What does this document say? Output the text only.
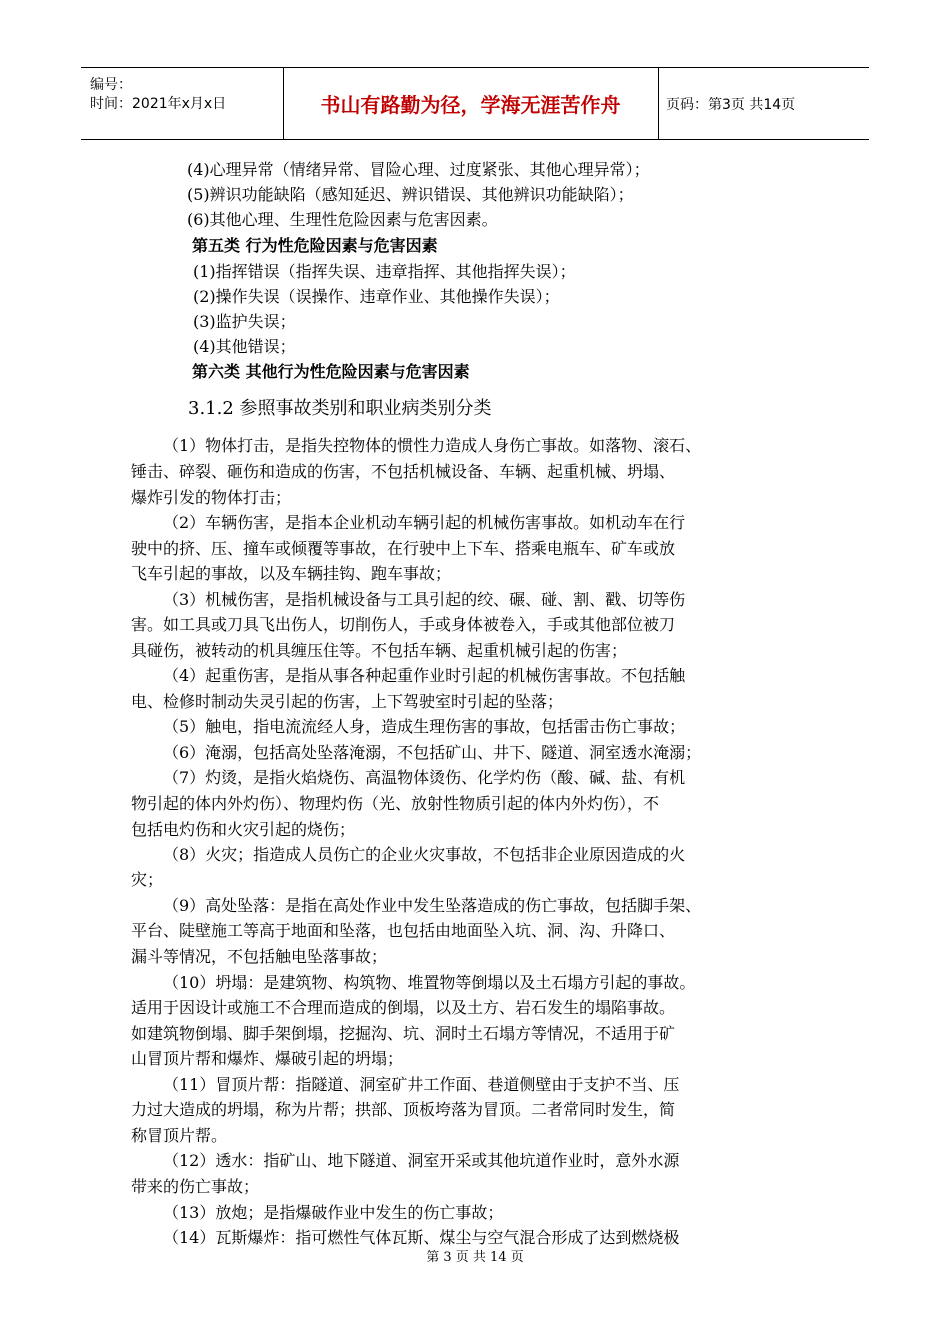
编号：
时间：2021年x月x日	书山有路勤为径，学海无涯苦作舟	页码：第3页 共14页
(4)心理异常（情绪异常、冒险心理、过度紧张、其他心理异常）；
(5)辨识功能缺陷（感知延迟、辨识错误、其他辨识功能缺陷）；
(6)其他心理、生理性危险因素与危害因素。
第五类 行为性危险因素与危害因素
(1)指挥错误（指挥失误、违章指挥、其他指挥失误）；
(2)操作失误（误操作、违章作业、其他操作失误）；
(3)监护失误；
(4)其他错误；
第六类 其他行为性危险因素与危害因素
3.1.2 参照事故类别和职业病类别分类
（1）物体打击，是指失控物体的惯性力造成人身伤亡事故。如落物、滚石、
锤击、碎裂、砸伤和造成的伤害，不包括机械设备、车辆、起重机械、坍塌、
爆炸引发的物体打击；
（2）车辆伤害，是指本企业机动车辆引起的机械伤害事故。如机动车在行
驶中的挤、压、撞车或倾覆等事故，在行驶中上下车、搭乘电瓶车、矿车或放
飞车引起的事故，以及车辆挂钩、跑车事故；
（3）机械伤害，是指机械设备与工具引起的绞、碾、碰、割、戳、切等伤
害。如工具或刀具飞出伤人，切削伤人，手或身体被卷入，手或其他部位被刀
具碰伤，被转动的机具缠压住等。不包括车辆、起重机械引起的伤害；
（4）起重伤害，是指从事各种起重作业时引起的机械伤害事故。不包括触
电、检修时制动失灵引起的伤害，上下驾驶室时引起的坠落；
（5）触电，指电流流经人身，造成生理伤害的事故，包括雷击伤亡事故；
（6）淹溺，包括高处坠落淹溺，不包括矿山、井下、隧道、洞室透水淹溺；
（7）灼烫，是指火焰烧伤、高温物体烫伤、化学灼伤（酸、碱、盐、有机
物引起的体内外灼伤）、物理灼伤（光、放射性物质引起的体内外灼伤），不
包括电灼伤和火灾引起的烧伤；
（8）火灾；指造成人员伤亡的企业火灾事故，不包括非企业原因造成的火
灾；
（9）高处坠落：是指在高处作业中发生坠落造成的伤亡事故，包括脚手架、
平台、陡壁施工等高于地面和坠落，也包括由地面坠入坑、洞、沟、升降口、
漏斗等情况，不包括触电坠落事故；
（10）坍塌：是建筑物、构筑物、堆置物等倒塌以及土石塌方引起的事故。
适用于因设计或施工不合理而造成的倒塌，以及土方、岩石发生的塌陷事故。
如建筑物倒塌、脚手架倒塌，挖掘沟、坑、洞时土石塌方等情况，不适用于矿
山冒顶片帮和爆炸、爆破引起的坍塌；
（11）冒顶片帮：指隧道、洞室矿井工作面、巷道侧壁由于支护不当、压
力过大造成的坍塌，称为片帮；拱部、顶板垮落为冒顶。二者常同时发生，简
称冒顶片帮。
（12）透水：指矿山、地下隧道、洞室开采或其他坑道作业时，意外水源
带来的伤亡事故；
（13）放炮；是指爆破作业中发生的伤亡事故；
（14）瓦斯爆炸：指可燃性气体瓦斯、煤尘与空气混合形成了达到燃烧极
第 3 页 共 14 页
